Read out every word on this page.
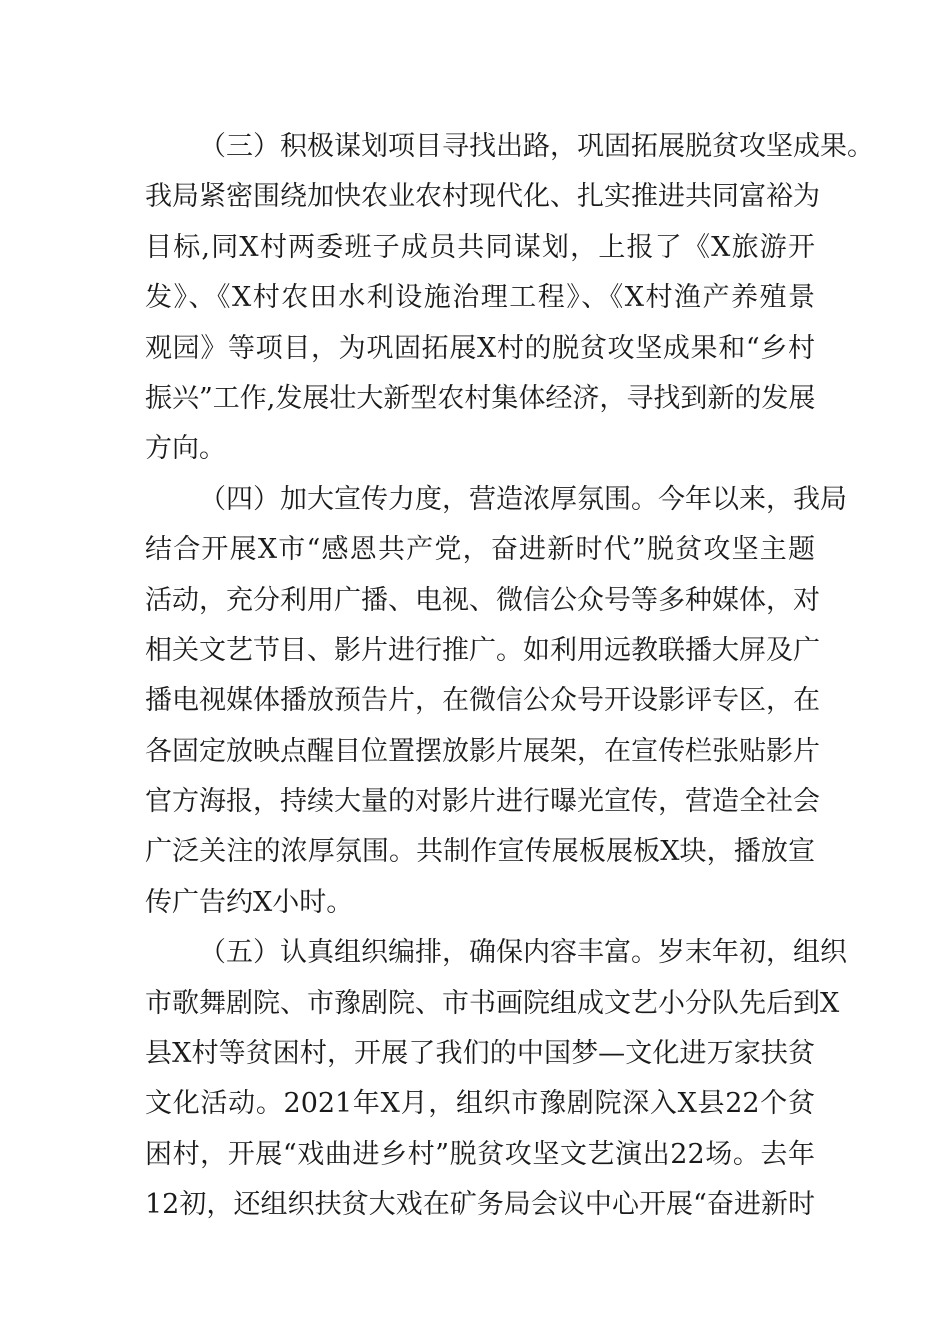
（三）积极谋划项目寻找出路，巩固拓展脱贫攻坚成果。
我局紧密围绕加快农业农村现代化、扎实推进共同富裕为
目标,同X村两委班子成员共同谋划，上报了《X旅游开
发》、《X村农田水利设施治理工程》、《X村渔产养殖景
观园》等项目，为巩固拓展X村的脱贫攻坚成果和“乡村
振兴”工作,发展壮大新型农村集体经济，寻找到新的发展
方向。
（四）加大宣传力度，营造浓厚氛围。今年以来，我局
结合开展X市“感恩共产党，奋进新时代”脱贫攻坚主题
活动，充分利用广播、电视、微信公众号等多种媒体，对
相关文艺节目、影片进行推广。如利用远教联播大屏及广
播电视媒体播放预告片，在微信公众号开设影评专区，在
各固定放映点醒目位置摆放影片展架，在宣传栏张贴影片
官方海报，持续大量的对影片进行曝光宣传，营造全社会
广泛关注的浓厚氛围。共制作宣传展板展板X块，播放宣
传广告约X小时。
（五）认真组织编排，确保内容丰富。岁末年初，组织
市歌舞剧院、市豫剧院、市书画院组成文艺小分队先后到X
县X村等贫困村，开展了我们的中国梦—文化进万家扶贫
文化活动。2021年X月，组织市豫剧院深入X县22个贫
困村，开展“戏曲进乡村”脱贫攻坚文艺演出22场。去年
12初，还组织扶贫大戏在矿务局会议中心开展“奋进新时
